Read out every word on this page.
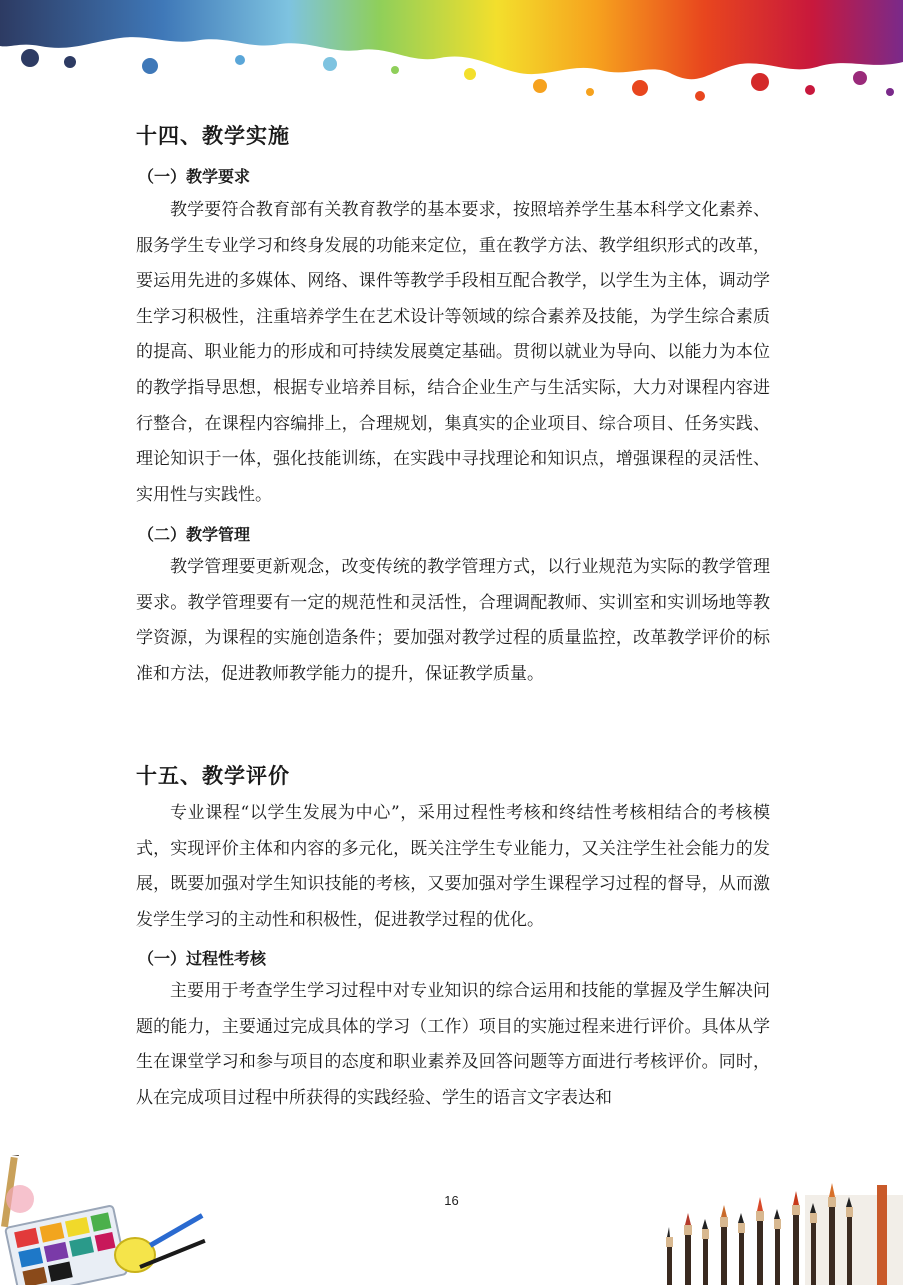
十四、教学实施
（一）教学要求

教学要符合教育部有关教育教学的基本要求，按照培养学生基本科学文化素养、服务学生专业学习和终身发展的功能来定位，重在教学方法、教学组织形式的改革，要运用先进的多媒体、网络、课件等教学手段相互配合教学，以学生为主体，调动学生学习积极性，注重培养学生在艺术设计等领域的综合素养及技能，为学生综合素质的提高、职业能力的形成和可持续发展奠定基础。贯彻以就业为导向、以能力为本位的教学指导思想，根据专业培养目标，结合企业生产与生活实际，大力对课程内容进行整合，在课程内容编排上，合理规划，集真实的企业项目、综合项目、任务实践、理论知识于一体，强化技能训练，在实践中寻找理论和知识点，增强课程的灵活性、实用性与实践性。

（二）教学管理

教学管理要更新观念，改变传统的教学管理方式，以行业规范为实际的教学管理要求。教学管理要有一定的规范性和灵活性，合理调配教师、实训室和实训场地等教学资源，为课程的实施创造条件；要加强对教学过程的质量监控，改革教学评价的标准和方法，促进教师教学能力的提升，保证教学质量。

十五、教学评价

专业课程“以学生发展为中心”，采用过程性考核和终结性考核相结合的考核模式，实现评价主体和内容的多元化，既关注学生专业能力，又关注学生社会能力的发展，既要加强对学生知识技能的考核，又要加强对学生课程学习过程的督导，从而激发学生学习的主动性和积极性，促进教学过程的优化。

（一）过程性考核

主要用于考查学生学习过程中对专业知识的综合运用和技能的掌握及学生解决问题的能力，主要通过完成具体的学习（工作）项目的实施过程来进行评价。具体从学生在课堂学习和参与项目的态度和职业素养及回答问题等方面进行考核评价。同时，从在完成项目过程中所获得的实践经验、学生的语言文字表达和

16
